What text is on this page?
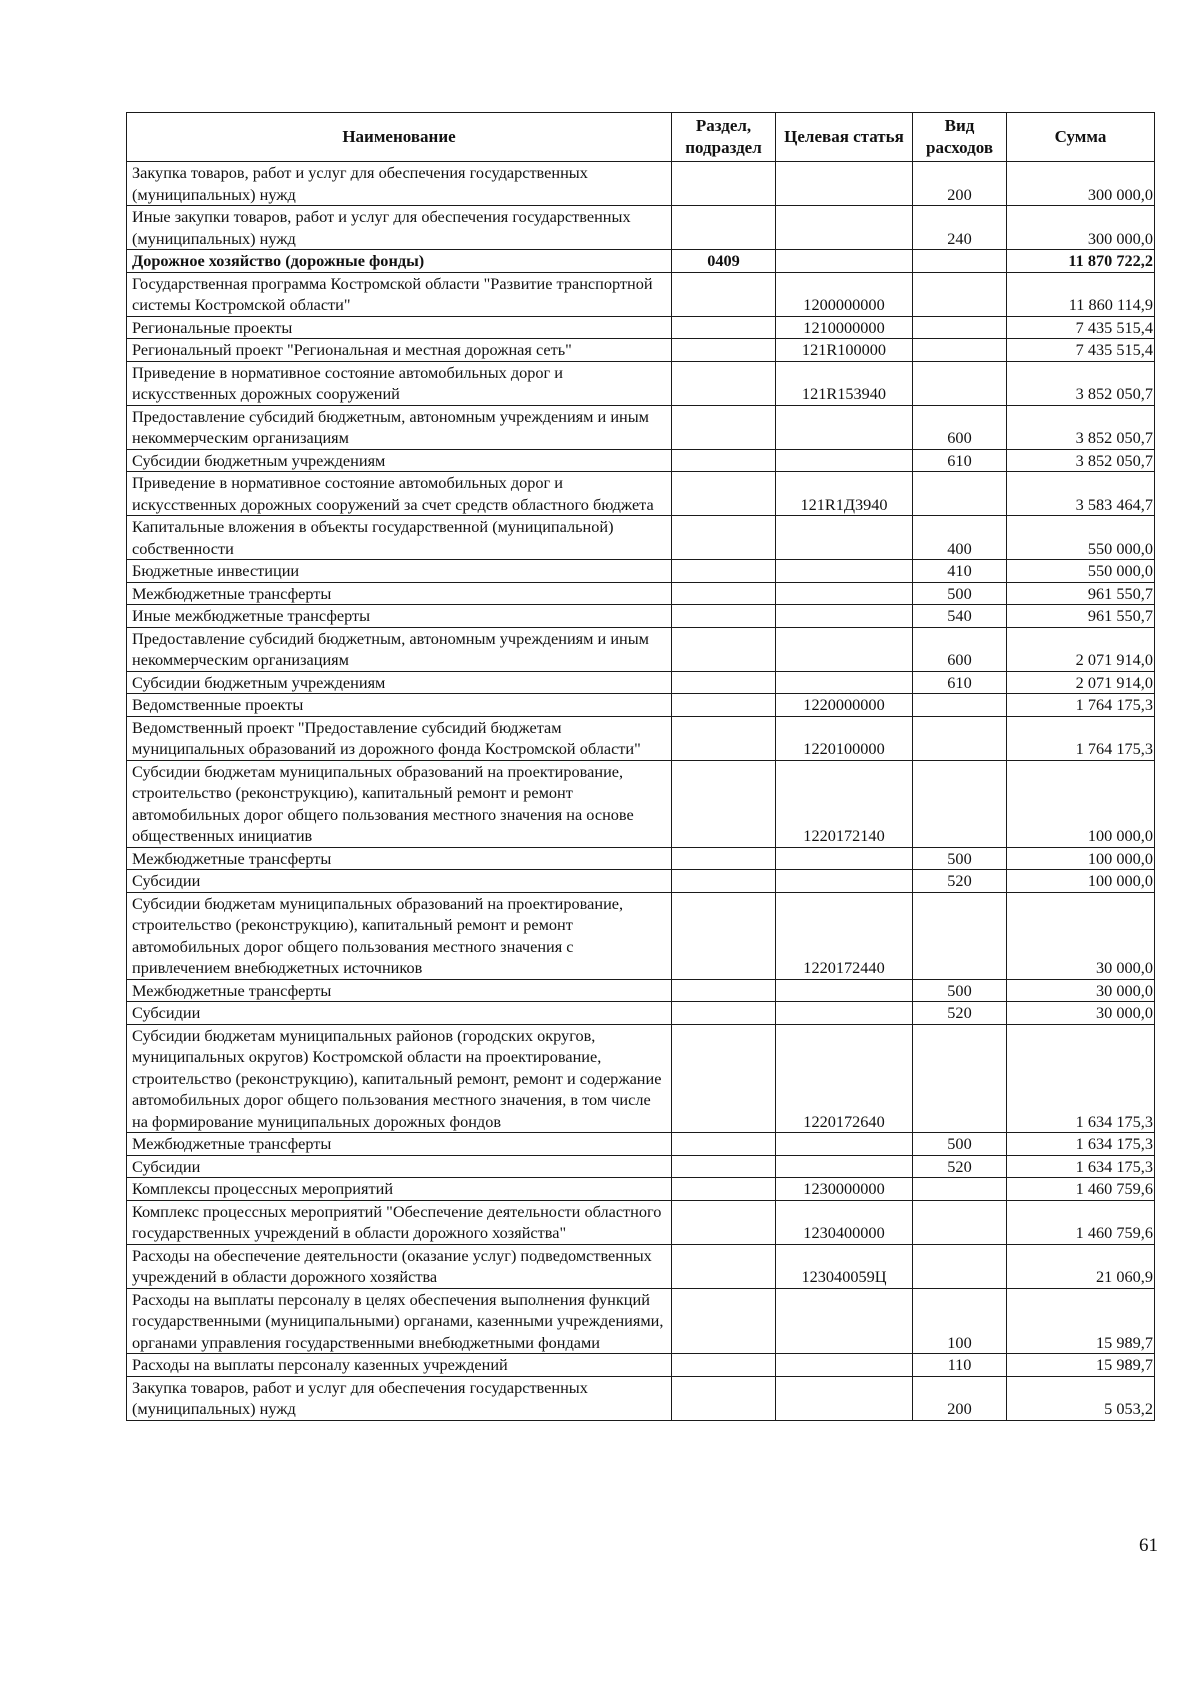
Наименование	Раздел, подраздел	Целевая статья	Вид расходов	Сумма
Закупка товаров, работ и услуг для обеспечения государственных (муниципальных) нужд			200	300 000,0
Иные закупки товаров, работ и услуг для обеспечения государственных (муниципальных) нужд			240	300 000,0
Дорожное хозяйство (дорожные фонды)	0409			11 870 722,2
Государственная программа Костромской области "Развитие транспортной системы Костромской области"		1200000000		11 860 114,9
Региональные проекты		1210000000		7 435 515,4
Региональный проект "Региональная и местная дорожная сеть"		121R100000		7 435 515,4
Приведение в нормативное состояние автомобильных дорог и искусственных дорожных сооружений		121R153940		3 852 050,7
Предоставление субсидий бюджетным, автономным учреждениям и иным некоммерческим организациям			600	3 852 050,7
Субсидии бюджетным учреждениям			610	3 852 050,7
Приведение в нормативное состояние автомобильных дорог и искусственных дорожных сооружений за счет средств областного бюджета		121R1Д3940		3 583 464,7
Капитальные вложения в объекты государственной (муниципальной) собственности			400	550 000,0
Бюджетные инвестиции			410	550 000,0
Межбюджетные трансферты			500	961 550,7
Иные межбюджетные трансферты			540	961 550,7
Предоставление субсидий бюджетным, автономным учреждениям и иным некоммерческим организациям			600	2 071 914,0
Субсидии бюджетным учреждениям			610	2 071 914,0
Ведомственные проекты		1220000000		1 764 175,3
Ведомственный проект "Предоставление субсидий бюджетам муниципальных образований из дорожного фонда Костромской области"		1220100000		1 764 175,3
Субсидии бюджетам муниципальных образований на проектирование, строительство (реконструкцию), капитальный ремонт и ремонт автомобильных дорог общего пользования местного значения на основе общественных инициатив		1220172140		100 000,0
Межбюджетные трансферты			500	100 000,0
Субсидии			520	100 000,0
Субсидии бюджетам муниципальных образований на проектирование, строительство (реконструкцию), капитальный ремонт и ремонт автомобильных дорог общего пользования местного значения с привлечением внебюджетных источников		1220172440		30 000,0
Межбюджетные трансферты			500	30 000,0
Субсидии			520	30 000,0
Субсидии бюджетам муниципальных районов (городских округов, муниципальных округов) Костромской области на проектирование, строительство (реконструкцию), капитальный ремонт, ремонт и содержание автомобильных дорог общего пользования местного значения, в том числе на формирование муниципальных дорожных фондов		1220172640		1 634 175,3
Межбюджетные трансферты			500	1 634 175,3
Субсидии			520	1 634 175,3
Комплексы процессных мероприятий		1230000000		1 460 759,6
Комплекс процессных мероприятий "Обеспечение деятельности областного государственных учреждений в области дорожного хозяйства"		1230400000		1 460 759,6
Расходы на обеспечение деятельности (оказание услуг) подведомственных учреждений в области дорожного хозяйства		123040059Ц		21 060,9
Расходы на выплаты персоналу в целях обеспечения выполнения функций государственными (муниципальными) органами, казенными учреждениями, органами управления государственными внебюджетными фондами			100	15 989,7
Расходы на выплаты персоналу казенных учреждений			110	15 989,7
Закупка товаров, работ и услуг для обеспечения государственных (муниципальных) нужд			200	5 053,2
61
